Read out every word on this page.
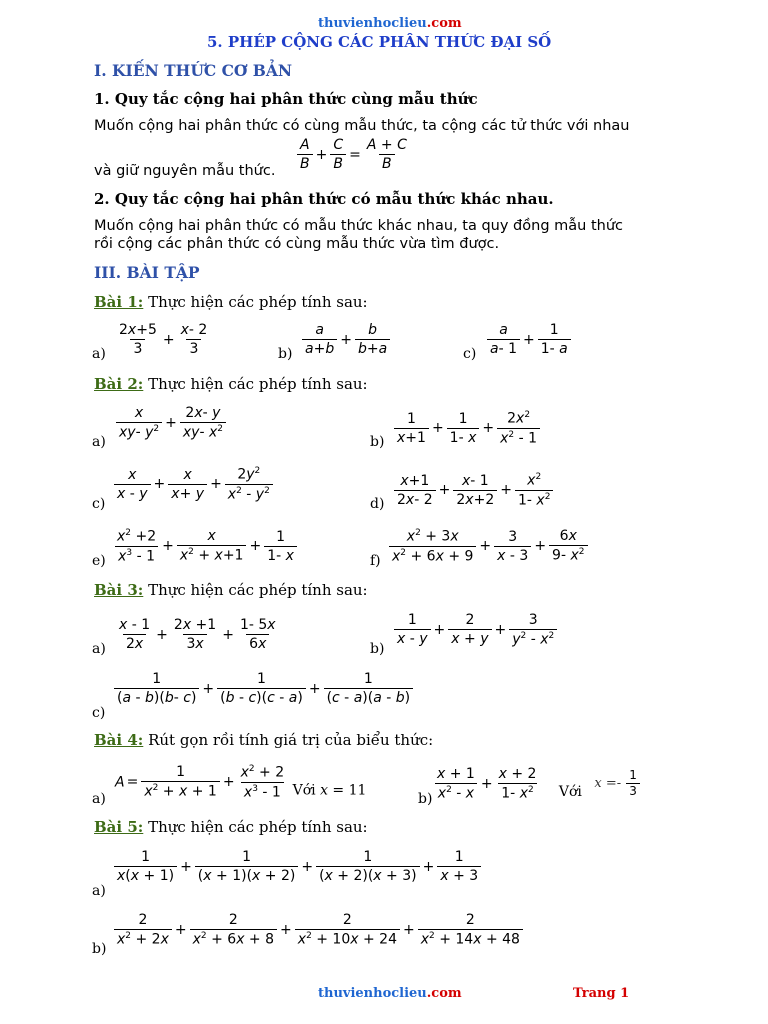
thuvienhoclieu.com
5. PHÉP CỘNG CÁC PHÂN THỨC ĐẠI SỐ
I. KIẾN THỨC CƠ BẢN
1. Quy tắc cộng hai phân thức cùng mẫu thức
Muốn cộng hai phân thức có cùng mẫu thức, ta cộng các tử thức với nhau
và giữ nguyên mẫu thức. $\frac{A}{B} + \frac{C}{B} = \frac{A + C}{B}$
2. Quy tắc cộng hai phân thức có mẫu thức khác nhau.
Muốn cộng hai phân thức có mẫu thức khác nhau, ta quy đồng mẫu thức
rồi cộng các phân thức có cùng mẫu thức vừa tìm được.
III. BÀI TẬP
Bài 1: Thực hiện các phép tính sau:
$a) \frac{2x+5}{3} + \frac{x- 2}{3}$	$b) \frac{a}{a+b} + \frac{b}{b+a}$	$c) \frac{a}{a- 1} + \frac{1}{1- a}$
Bài 2: Thực hiện các phép tính sau:
a)
$\frac{x}{xy- y^2} + \frac{2x- y}{xy- x^2}$
$b) \frac{1}{x+1} + \frac{1}{1- x} + \frac{2x^2}{x^2 - 1}$
c)
$\frac{x}{x - y} + \frac{x}{x+ y} + \frac{2y^2}{x^2 - y^2}$
$d) \frac{x+1}{2x- 2} + \frac{x- 1}{2x+2} + \frac{x^2}{1- x^2}$
$e) \frac{x^2 +2}{x^3 - 1} + \frac{x}{x^2 + x+1} + \frac{1}{1- x}$	$f) \frac{x^2 + 3x}{x^2 + 6x + 9} + \frac{3}{x - 3} + \frac{6x}{9- x^2}$
Bài 3: Thực hiện các phép tính sau:
$a) \frac{x - 1}{2x} + \frac{2x +1}{3x} + \frac{1- 5x}{6x}$	b)
$\frac{1}{x - y} + \frac{2}{x + y} + \frac{3}{y^2 - x^2}$
c)
$\frac{1}{(a - b)(b- c)} + \frac{1}{(b - c)(c - a)} + \frac{1}{(c - a)(a - b)}$
Bài 4: Rút gọn rồi tính giá trị của biểu thức:
a)
$A = \frac{1}{x^2 + x + 1} + \frac{x^2 + 2}{x^3 - 1}$ Với x = 11
$b) \frac{x + 1}{x^2 - x} + \frac{x + 2}{1- x^2}$ Với $x =- \frac{1}{3}$
Bài 5: Thực hiện các phép tính sau:
a)
$\frac{1}{x(x + 1)} + \frac{1}{(x + 1)(x + 2)} + \frac{1}{(x + 2)(x + 3)} + \frac{1}{x + 3}$
b)
$\frac{2}{x^2 + 2x} + \frac{2}{x^2 + 6x + 8} + \frac{2}{x^2 + 10x + 24} + \frac{2}{x^2 + 14x + 48}$
thuvienhoclieu.com	Trang 1
